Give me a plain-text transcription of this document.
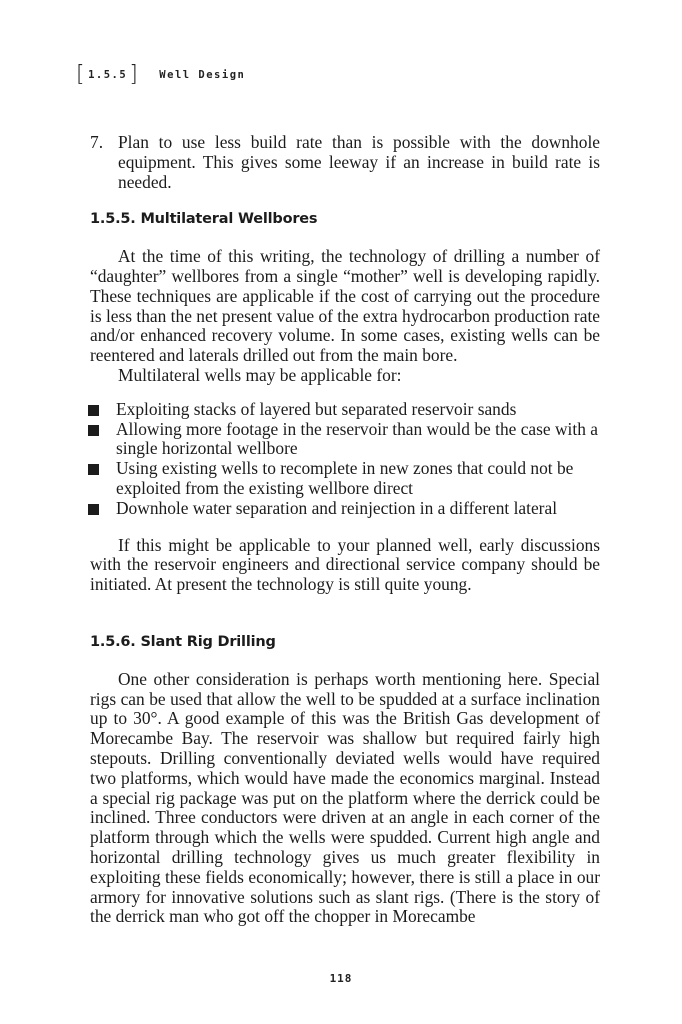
[ 1.5.5 ] Well Design

7. Plan to use less build rate than is possible with the downhole equipment. This gives some leeway if an increase in build rate is needed.

1.5.5. Multilateral Wellbores

At the time of this writing, the technology of drilling a number of “daughter” wellbores from a single “mother” well is developing rapidly. These techniques are applicable if the cost of carrying out the procedure is less than the net present value of the extra hydrocarbon production rate and/or enhanced recovery volume. In some cases, existing wells can be reentered and laterals drilled out from the main bore.

Multilateral wells may be applicable for:

Exploiting stacks of layered but separated reservoir sands
Allowing more footage in the reservoir than would be the case with a single horizontal wellbore
Using existing wells to recomplete in new zones that could not be exploited from the existing wellbore direct
Downhole water separation and reinjection in a different lateral

If this might be applicable to your planned well, early discussions with the reservoir engineers and directional service company should be initiated. At present the technology is still quite young.

1.5.6. Slant Rig Drilling

One other consideration is perhaps worth mentioning here. Special rigs can be used that allow the well to be spudded at a surface inclination up to 30°. A good example of this was the British Gas development of Morecambe Bay. The reservoir was shallow but required fairly high stepouts. Drilling conventionally deviated wells would have required two platforms, which would have made the economics marginal. Instead a special rig package was put on the platform where the derrick could be inclined. Three conductors were driven at an angle in each corner of the platform through which the wells were spudded. Current high angle and horizontal drilling technology gives us much greater flexibility in exploiting these fields economically; however, there is still a place in our armory for innovative solutions such as slant rigs. (There is the story of the derrick man who got off the chopper in Morecambe

118
